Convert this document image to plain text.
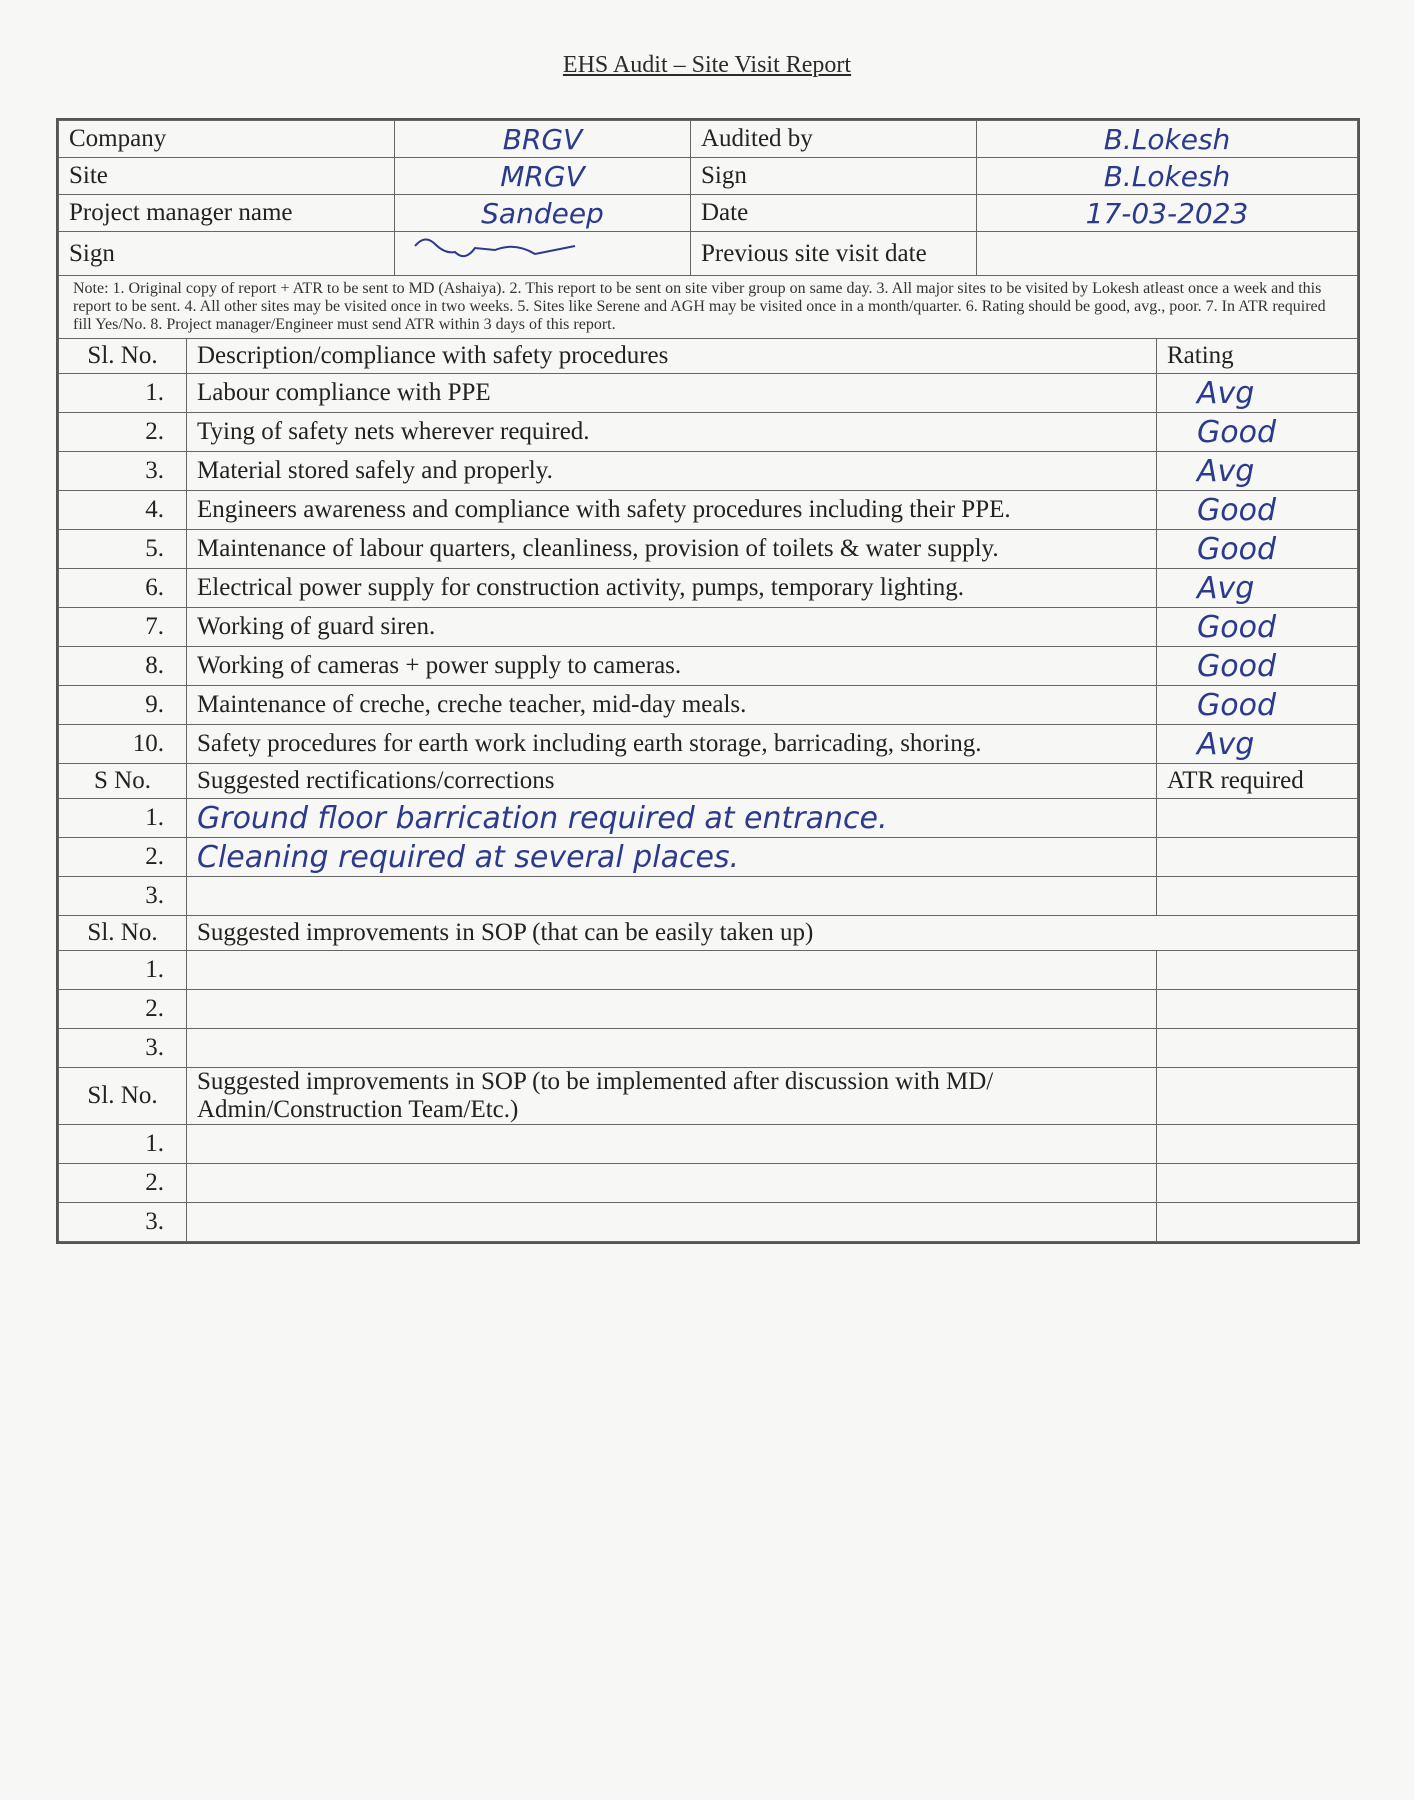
EHS Audit – Site Visit Report
Company	BRGV	Audited by	B.Lokesh
Site	MRGV	Sign	B.Lokesh
Project manager name	Sandeep	Date	17-03-2023
Sign		Previous site visit date	
Note: 1. Original copy of report + ATR to be sent to MD (Ashaiya). 2. This report to be sent on site viber group on same day. 3. All major sites to be visited by Lokesh atleast once a week and this report to be sent. 4. All other sites may be visited once in two weeks. 5. Sites like Serene and AGH may be visited once in a month/quarter. 6. Rating should be good, avg., poor. 7. In ATR required fill Yes/No. 8. Project manager/Engineer must send ATR within 3 days of this report.
Sl. No.	Description/compliance with safety procedures	Rating
1.	Labour compliance with PPE	Avg
2.	Tying of safety nets wherever required.	Good
3.	Material stored safely and properly.	Avg
4.	Engineers awareness and compliance with safety procedures including their PPE.	Good
5.	Maintenance of labour quarters, cleanliness, provision of toilets & water supply.	Good
6.	Electrical power supply for construction activity, pumps, temporary lighting.	Avg
7.	Working of guard siren.	Good
8.	Working of cameras + power supply to cameras.	Good
9.	Maintenance of creche, creche teacher, mid-day meals.	Good
10.	Safety procedures for earth work including earth storage, barricading, shoring.	Avg
S No.	Suggested rectifications/corrections	ATR required
1.	Ground floor barrication required at entrance.	
2.	Cleaning required at several places.	
3.		
Sl. No.	Suggested improvements in SOP (that can be easily taken up)	
1.		
2.		
3.		
Sl. No.	Suggested improvements in SOP (to be implemented after discussion with MD/ Admin/Construction Team/Etc.)	
1.		
2.		
3.		
